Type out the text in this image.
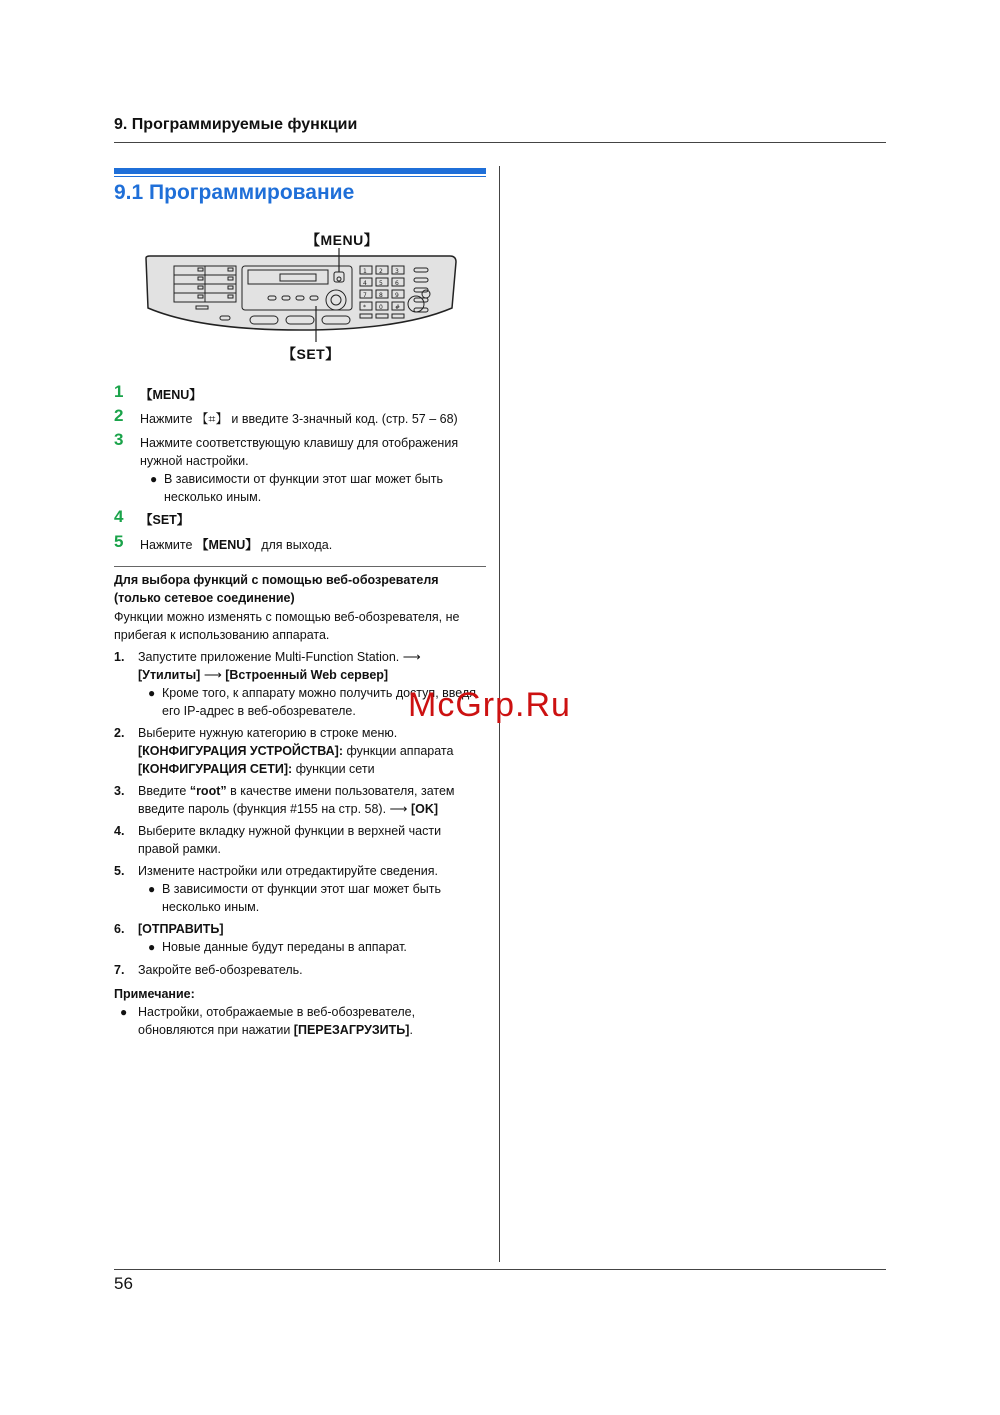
9. Программируемые функции
9.1 Программирование
【MENU】
【SET】
1 2 3
4 5 6
7 8 9
* 0 #
1 【MENU】
2 Нажмите 【⌗】 и введите 3-значный код. (стр. 57 – 68)
3 Нажмите соответствующую клавишу для отображения
нужной настройки.
● В зависимости от функции этот шаг может быть
несколько иным.
4 【SET】
5 Нажмите 【MENU】 для выхода.
Для выбора функций с помощью веб-обозревателя
(только сетевое соединение)
Функции можно изменять с помощью веб-обозревателя, не
прибегая к использованию аппарата.
1. Запустите приложение Multi-Function Station. ⟶
[Утилиты] ⟶ [Встроенный Web сервер]
● Кроме того, к аппарату можно получить доступ, введя
его IP-адрес в веб-обозревателе.
2. Выберите нужную категорию в строке меню.
[КОНФИГУРАЦИЯ УСТРОЙСТВА]: функции аппарата
[КОНФИГУРАЦИЯ СЕТИ]: функции сети
3. Введите “root” в качестве имени пользователя, затем
введите пароль (функция #155 на стр. 58). ⟶ [OK]
4. Выберите вкладку нужной функции в верхней части
правой рамки.
5. Измените настройки или отредактируйте сведения.
● В зависимости от функции этот шаг может быть
несколько иным.
6. [ОТПРАВИТЬ]
● Новые данные будут переданы в аппарат.
7. Закройте веб-обозреватель.
Примечание:
● Настройки, отображаемые в веб-обозревателе,
обновляются при нажатии [ПЕРЕЗАГРУЗИТЬ].
McGrp.Ru
56
